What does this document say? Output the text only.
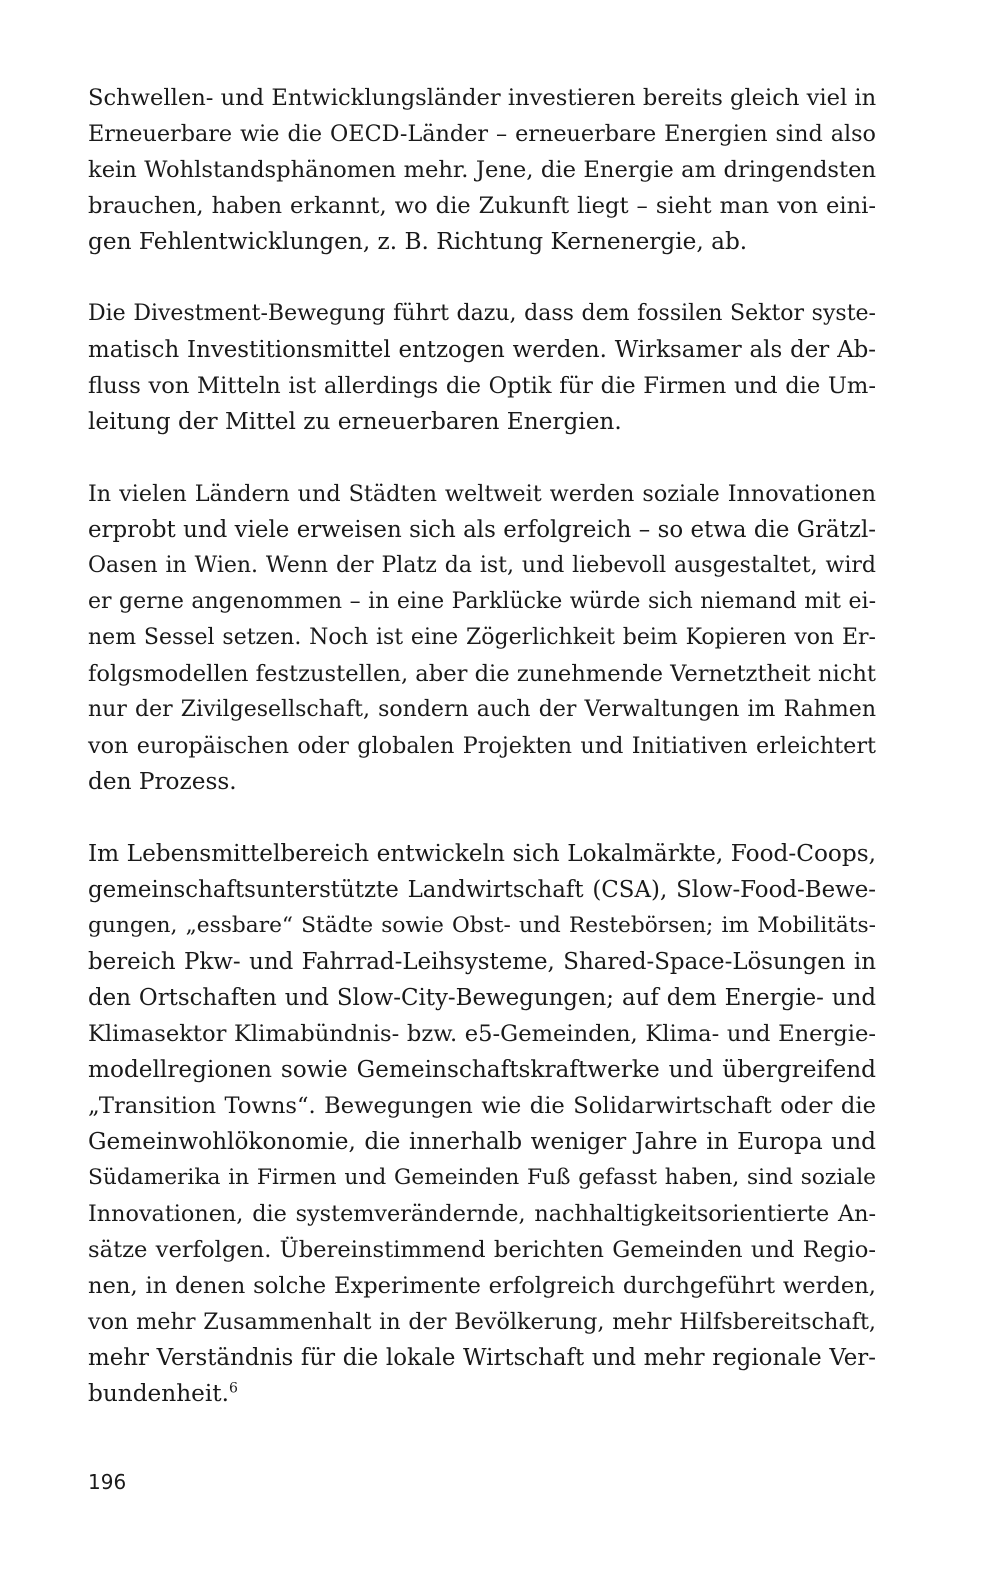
Schwellen- und Entwicklungsländer investieren bereits gleich viel in
Erneuerbare wie die OECD-Länder – erneuerbare Energien sind also
kein Wohlstandsphänomen mehr. Jene, die Energie am dringendsten
brauchen, haben erkannt, wo die Zukunft liegt – sieht man von eini-
gen Fehlentwicklungen, z. B. Richtung Kernenergie, ab.

Die Divestment-Bewegung führt dazu, dass dem fossilen Sektor syste-
matisch Investitionsmittel entzogen werden. Wirksamer als der Ab-
fluss von Mitteln ist allerdings die Optik für die Firmen und die Um-
leitung der Mittel zu erneuerbaren Energien.

In vielen Ländern und Städten weltweit werden soziale Innovationen
erprobt und viele erweisen sich als erfolgreich – so etwa die Grätzl-
Oasen in Wien. Wenn der Platz da ist, und liebevoll ausgestaltet, wird
er gerne angenommen – in eine Parklücke würde sich niemand mit ei-
nem Sessel setzen. Noch ist eine Zögerlichkeit beim Kopieren von Er-
folgsmodellen festzustellen, aber die zunehmende Vernetztheit nicht
nur der Zivilgesellschaft, sondern auch der Verwaltungen im Rahmen
von europäischen oder globalen Projekten und Initiativen erleichtert
den Prozess.

Im Lebensmittelbereich entwickeln sich Lokalmärkte, Food-Coops,
gemeinschaftsunterstützte Landwirtschaft (CSA), Slow-Food-Bewe-
gungen, „essbare“ Städte sowie Obst- und Restebörsen; im Mobilitäts-
bereich Pkw- und Fahrrad-Leihsysteme, Shared-Space-Lösungen in
den Ortschaften und Slow-City-Bewegungen; auf dem Energie- und
Klimasektor Klimabündnis- bzw. e5-Gemeinden, Klima- und Energie-
modellregionen sowie Gemeinschaftskraftwerke und übergreifend
„Transition Towns“. Bewegungen wie die Solidarwirtschaft oder die
Gemeinwohlökonomie, die innerhalb weniger Jahre in Europa und
Südamerika in Firmen und Gemeinden Fuß gefasst haben, sind soziale
Innovationen, die systemverändernde, nachhaltigkeitsorientierte An-
sätze verfolgen. Übereinstimmend berichten Gemeinden und Regio-
nen, in denen solche Experimente erfolgreich durchgeführt werden,
von mehr Zusammenhalt in der Bevölkerung, mehr Hilfsbereitschaft,
mehr Verständnis für die lokale Wirtschaft und mehr regionale Ver-
bundenheit.$^6$

196
